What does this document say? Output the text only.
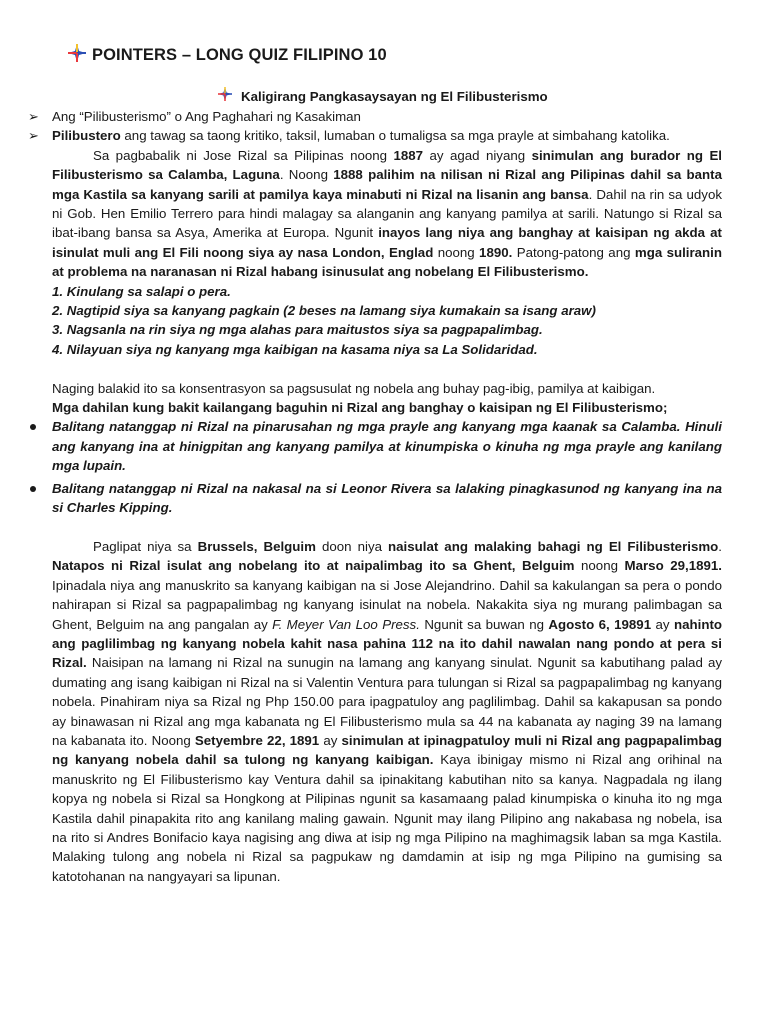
POINTERS – LONG QUIZ FILIPINO 10
Kaligirang Pangkasaysayan ng El Filibusterismo
➢ Ang “Pilibusterismo” o Ang Paghahari ng Kasakiman
➢ Pilibustero ang tawag sa taong kritiko, taksil, lumaban o tumaligsa sa mga prayle at simbahang katolika.

Sa pagbabalik ni Jose Rizal sa Pilipinas noong 1887 ay agad niyang sinimulan ang burador ng El Filibusterismo sa Calamba, Laguna. Noong 1888 palihim na nilisan ni Rizal ang Pilipinas dahil sa banta mga Kastila sa kanyang sarili at pamilya kaya minabuti ni Rizal na lisanin ang bansa. Dahil na rin sa udyok ni Gob. Hen Emilio Terrero para hindi malagay sa alanganin ang kanyang pamilya at sarili. Natungo si Rizal sa ibat-ibang bansa sa Asya, Amerika at Europa. Ngunit inayos lang niya ang banghay at kaisipan ng akda at isinulat muli ang El Fili noong siya ay nasa London, Englad noong 1890. Patong-patong ang mga suliranin at problema na naranasan ni Rizal habang isinusulat ang nobelang El Filibusterismo.

1. Kinulang sa salapi o pera.

2. Nagtipid siya sa kanyang pagkain (2 beses na lamang siya kumakain sa isang araw)

3. Nagsanla na rin siya ng mga alahas para maitustos siya sa pagpapalimbag.

4. Nilayuan siya ng kanyang mga kaibigan na kasama niya sa La Solidaridad.

Naging balakid ito sa konsentrasyon sa pagsusulat ng nobela ang buhay pag-ibig, pamilya at kaibigan.

Mga dahilan kung bakit kailangang baguhin ni Rizal ang banghay o kaisipan ng El Filibusterismo;

Balitang natanggap ni Rizal na pinarusahan ng mga prayle ang kanyang mga kaanak sa Calamba. Hinuli ang kanyang ina at hinigpitan ang kanyang pamilya at kinumpiska o kinuha ng mga prayle ang kanilang mga lupain.
Balitang natanggap ni Rizal na nakasal na si Leonor Rivera sa lalaking pinagkasunod ng kanyang ina na si Charles Kipping.

Paglipat niya sa Brussels, Belguim doon niya naisulat ang malaking bahagi ng El Filibusterismo. Natapos ni Rizal isulat ang nobelang ito at naipalimbag ito sa Ghent, Belguim noong Marso 29,1891. Ipinadala niya ang manuskrito sa kanyang kaibigan na si Jose Alejandrino. Dahil sa kakulangan sa pera o pondo nahirapan si Rizal sa pagpapalimbag ng kanyang isinulat na nobela. Nakakita siya ng murang palimbagan sa Ghent, Belguim na ang pangalan ay F. Meyer Van Loo Press. Ngunit sa buwan ng Agosto 6, 19891 ay nahinto ang paglilimbag ng kanyang nobela kahit nasa pahina 112 na ito dahil nawalan nang pondo at pera si Rizal. Naisipan na lamang ni Rizal na sunugin na lamang ang kanyang sinulat. Ngunit sa kabutihang palad ay dumating ang isang kaibigan ni Rizal na si Valentin Ventura para tulungan si Rizal sa pagpapalimbag ng kanyang nobela. Pinahiram niya sa Rizal ng Php 150.00 para ipagpatuloy ang paglilimbag. Dahil sa kakapusan sa pondo ay binawasan ni Rizal ang mga kabanata ng El Filibusterismo mula sa 44 na kabanata ay naging 39 na lamang na kabanata ito. Noong Setyembre 22, 1891 ay sinimulan at ipinagpatuloy muli ni Rizal ang pagpapalimbag ng kanyang nobela dahil sa tulong ng kanyang kaibigan. Kaya ibinigay mismo ni Rizal ang orihinal na manuskrito ng El Filibusterismo kay Ventura dahil sa ipinakitang kabutihan nito sa kanya. Nagpadala ng ilang kopya ng nobela si Rizal sa Hongkong at Pilipinas ngunit sa kasamaang palad kinumpiska o kinuha ito ng mga Kastila dahil pinapakita rito ang kanilang maling gawain. Ngunit may ilang Pilipino ang nakabasa ng nobela, isa na rito si Andres Bonifacio kaya nagising ang diwa at isip ng mga Pilipino na maghimagsik laban sa mga Kastila. Malaking tulong ang nobela ni Rizal sa pagpukaw ng damdamin at isip ng mga Pilipino na gumising sa katotohanan na nangyayari sa lipunan.
